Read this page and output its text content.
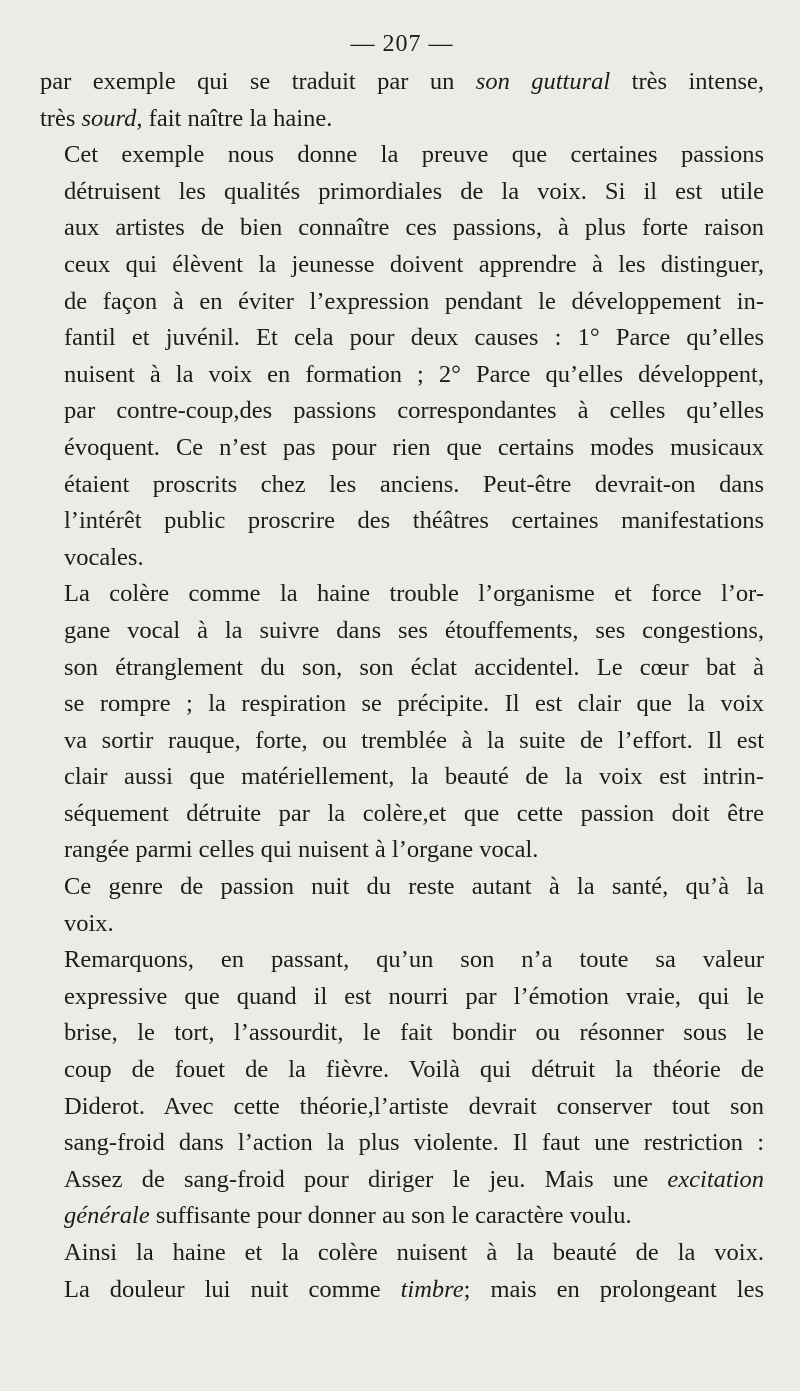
— 207 —
par exemple qui se traduit par un son guttural très intense,
très sourd, fait naître la haine.
Cet exemple nous donne la preuve que certaines passions
détruisent les qualités primordiales de la voix. Si il est utile
aux artistes de bien connaître ces passions, à plus forte raison
ceux qui élèvent la jeunesse doivent apprendre à les distinguer,
de façon à en éviter l’expression pendant le développement in-
fantil et juvénil. Et cela pour deux causes : 1° Parce qu’elles
nuisent à la voix en formation ; 2° Parce qu’elles développent,
par contre-coup,des passions correspondantes à celles qu’elles
évoquent. Ce n’est pas pour rien que certains modes musicaux
étaient proscrits chez les anciens. Peut-être devrait-on dans
l’intérêt public proscrire des théâtres certaines manifestations
vocales.
La colère comme la haine trouble l’organisme et force l’or-
gane vocal à la suivre dans ses étouffements, ses congestions,
son étranglement du son, son éclat accidentel. Le cœur bat à
se rompre ; la respiration se précipite. Il est clair que la voix
va sortir rauque, forte, ou tremblée à la suite de l’effort. Il est
clair aussi que matériellement, la beauté de la voix est intrin-
séquement détruite par la colère,et que cette passion doit être
rangée parmi celles qui nuisent à l’organe vocal.
Ce genre de passion nuit du reste autant à la santé, qu’à la
voix.
Remarquons, en passant, qu’un son n’a toute sa valeur
expressive que quand il est nourri par l’émotion vraie, qui le
brise, le tort, l’assourdit, le fait bondir ou résonner sous le
coup de fouet de la fièvre. Voilà qui détruit la théorie de
Diderot. Avec cette théorie,l’artiste devrait conserver tout son
sang-froid dans l’action la plus violente. Il faut une restriction :
Assez de sang-froid pour diriger le jeu. Mais une excitation
générale suffisante pour donner au son le caractère voulu.
Ainsi la haine et la colère nuisent à la beauté de la voix.
La douleur lui nuit comme timbre; mais en prolongeant les
